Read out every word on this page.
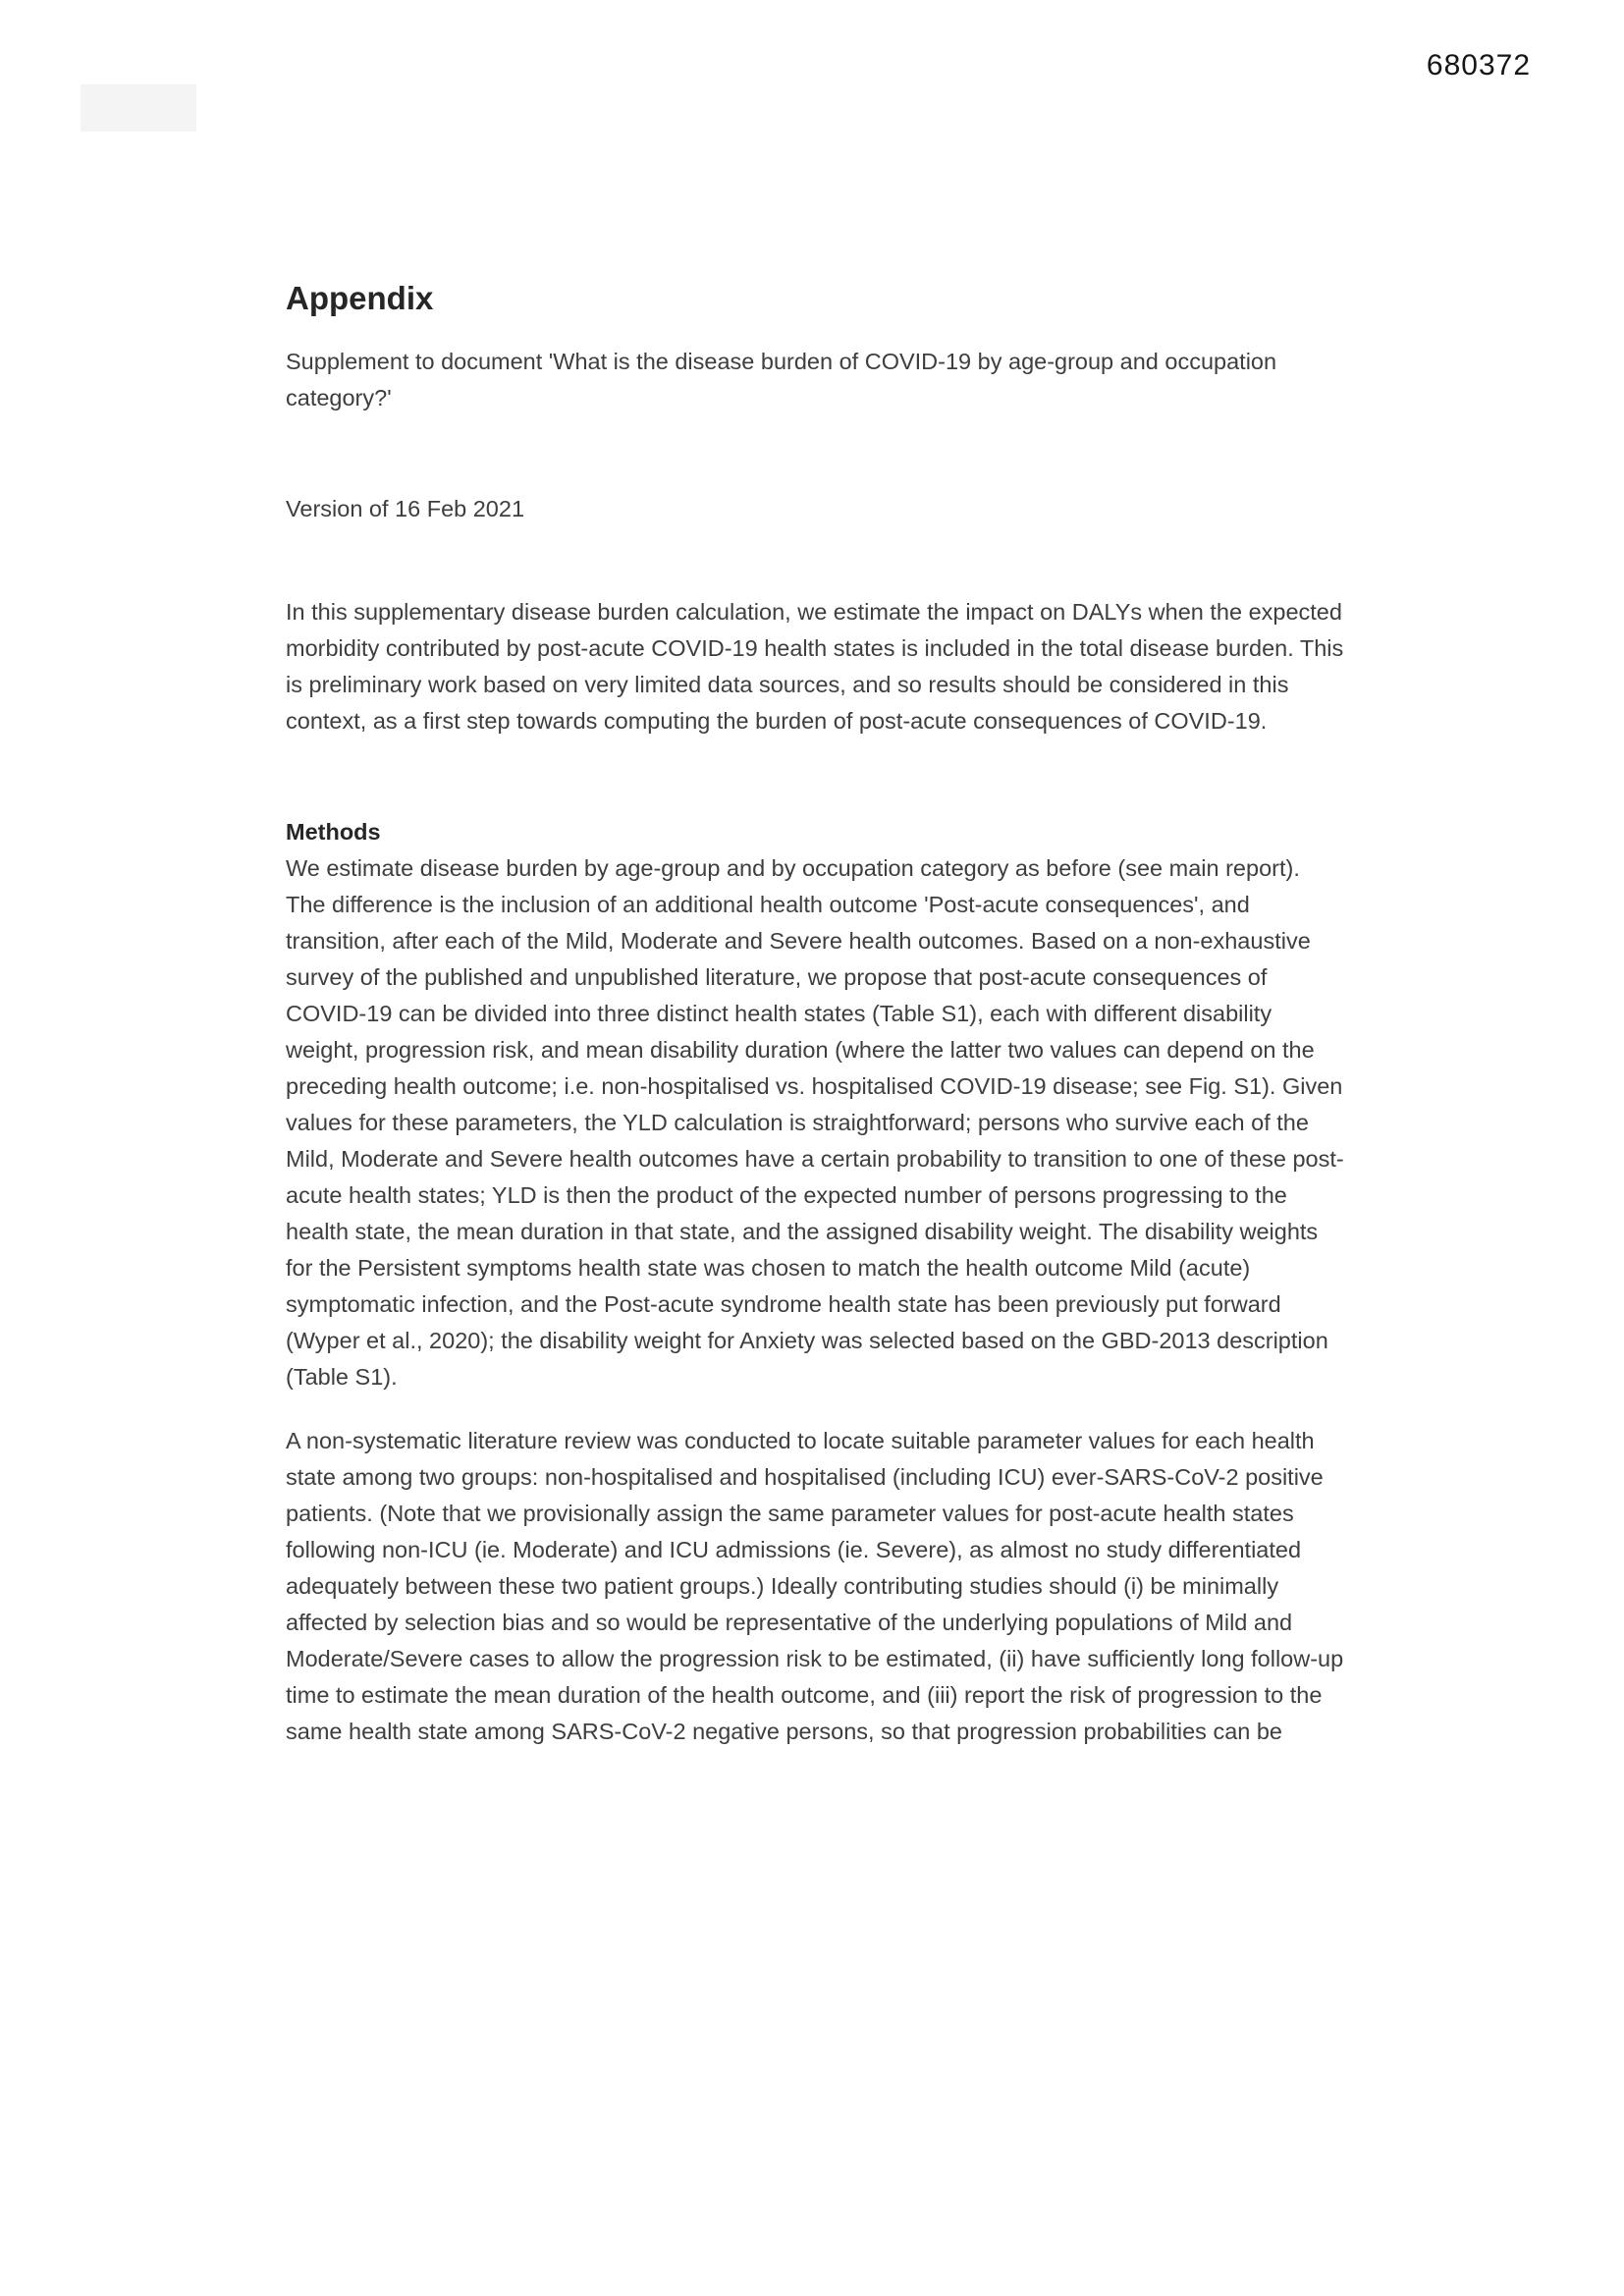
680372
Appendix

Supplement to document 'What is the disease burden of COVID-19 by age-group and occupation category?'

Version of 16 Feb 2021

In this supplementary disease burden calculation, we estimate the impact on DALYs when the expected morbidity contributed by post-acute COVID-19 health states is included in the total disease burden. This is preliminary work based on very limited data sources, and so results should be considered in this context, as a first step towards computing the burden of post-acute consequences of COVID-19.

Methods

We estimate disease burden by age-group and by occupation category as before (see main report). The difference is the inclusion of an additional health outcome 'Post-acute consequences', and transition, after each of the Mild, Moderate and Severe health outcomes. Based on a non-exhaustive survey of the published and unpublished literature, we propose that post-acute consequences of COVID-19 can be divided into three distinct health states (Table S1), each with different disability weight, progression risk, and mean disability duration (where the latter two values can depend on the preceding health outcome; i.e. non-hospitalised vs. hospitalised COVID-19 disease; see Fig. S1). Given values for these parameters, the YLD calculation is straightforward; persons who survive each of the Mild, Moderate and Severe health outcomes have a certain probability to transition to one of these post-acute health states; YLD is then the product of the expected number of persons progressing to the health state, the mean duration in that state, and the assigned disability weight. The disability weights for the Persistent symptoms health state was chosen to match the health outcome Mild (acute) symptomatic infection, and the Post-acute syndrome health state has been previously put forward (Wyper et al., 2020); the disability weight for Anxiety was selected based on the GBD-2013 description (Table S1).

A non-systematic literature review was conducted to locate suitable parameter values for each health state among two groups: non-hospitalised and hospitalised (including ICU) ever-SARS-CoV-2 positive patients. (Note that we provisionally assign the same parameter values for post-acute health states following non-ICU (ie. Moderate) and ICU admissions (ie. Severe), as almost no study differentiated adequately between these two patient groups.) Ideally contributing studies should (i) be minimally affected by selection bias and so would be representative of the underlying populations of Mild and Moderate/Severe cases to allow the progression risk to be estimated, (ii) have sufficiently long follow-up time to estimate the mean duration of the health outcome, and (iii) report the risk of progression to the same health state among SARS-CoV-2 negative persons, so that progression probabilities can be
